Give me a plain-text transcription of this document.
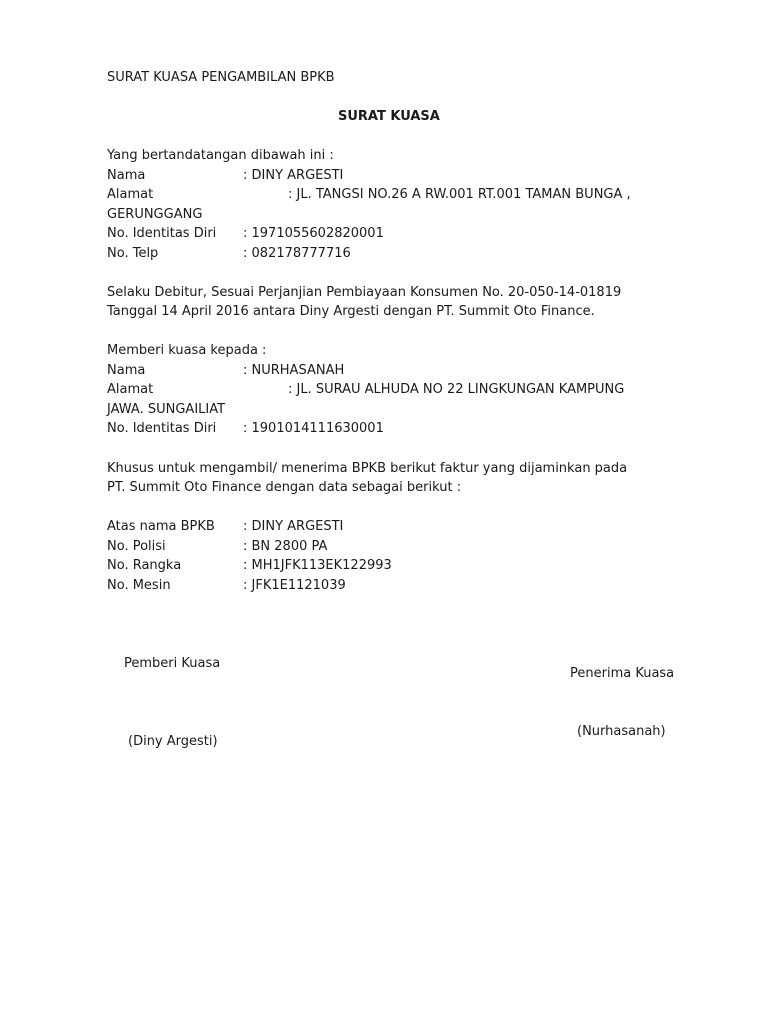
SURAT KUASA PENGAMBILAN BPKB
SURAT KUASA
Yang bertandatangan dibawah ini :
Nama	: DINY ARGESTI
Alamat	: JL. TANGSI NO.26 A RW.001 RT.001 TAMAN BUNGA ,
GERUNGGANG
No. Identitas Diri : 1971055602820001
No. Telp	: 082178777716
Selaku Debitur, Sesuai Perjanjian Pembiayaan Konsumen No. 20-050-14-01819
Tanggal 14 April 2016 antara Diny Argesti dengan PT. Summit Oto Finance.
Memberi kuasa kepada :
Nama	: NURHASANAH
Alamat	: JL. SURAU ALHUDA NO 22 LINGKUNGAN KAMPUNG
JAWA. SUNGAILIAT
No. Identitas Diri : 1901014111630001
Khusus untuk mengambil/ menerima BPKB berikut faktur yang dijaminkan pada
PT. Summit Oto Finance dengan data sebagai berikut :
Atas nama BPKB : DINY ARGESTI
No. Polisi	: BN 2800 PA
No. Rangka	: MH1JFK113EK122993
No. Mesin	: JFK1E1121039
Pemberi Kuasa
Penerima Kuasa
(Nurhasanah)
(Diny Argesti)
